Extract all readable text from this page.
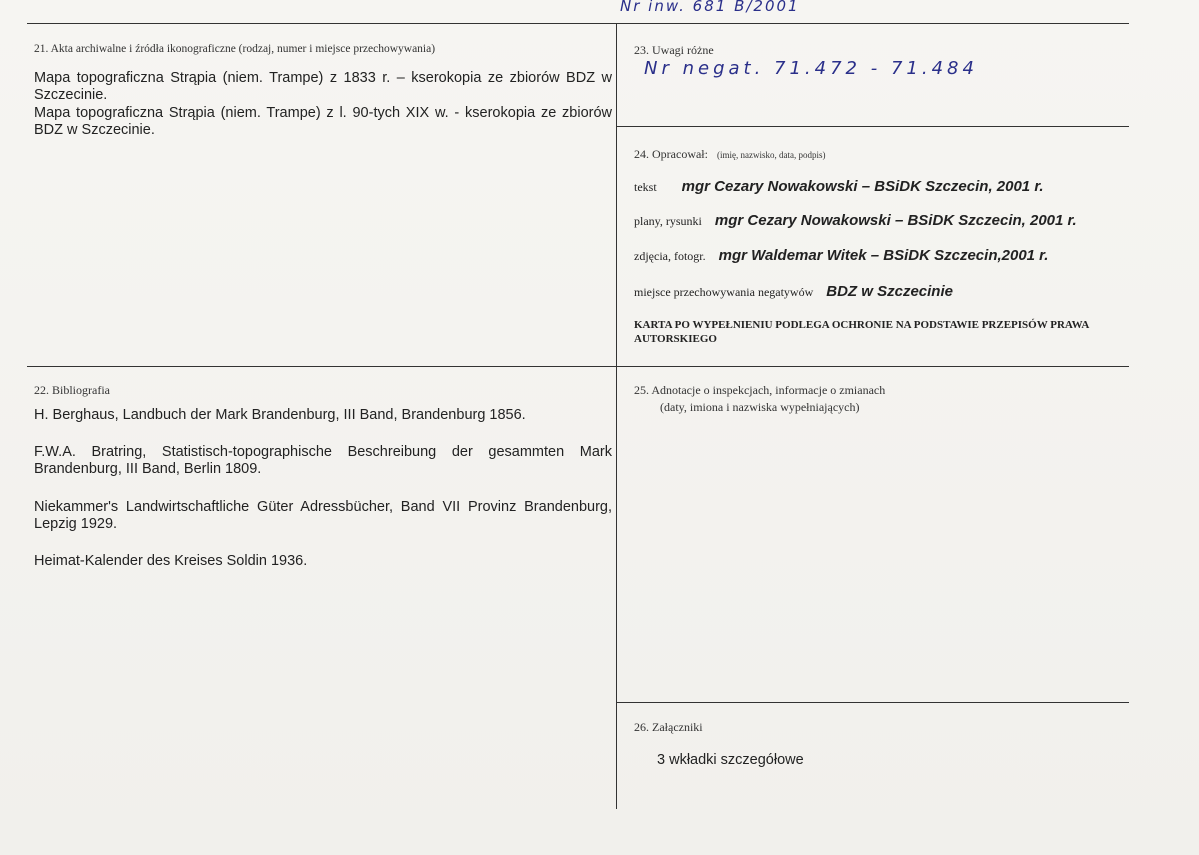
Nr inw. 681 B/2001
21. Akta archiwalne i źródła ikonograficzne (rodzaj, numer i miejsce przechowywania)
Mapa topograficzna Strąpia (niem. Trampe) z 1833 r. – kserokopia ze zbiorów BDZ w Szczecinie.
Mapa topograficzna Strąpia (niem. Trampe) z l. 90-tych XIX w. - kserokopia ze zbiorów BDZ w Szczecinie.
23. Uwagi różne
Nr negat. 71.472 - 71.484
24. Opracował: (imię, nazwisko, data, podpis)
tekst mgr Cezary Nowakowski – BSiDK Szczecin, 2001 r.
plany, rysunki mgr Cezary Nowakowski – BSiDK Szczecin, 2001 r.
zdjęcia, fotogr. mgr Waldemar Witek – BSiDK Szczecin,2001 r.
miejsce przechowywania negatywów BDZ w Szczecinie
KARTA PO WYPEŁNIENIU PODLEGA OCHRONIE NA PODSTAWIE PRZEPISÓW PRAWA AUTORSKIEGO
22. Bibliografia
H. Berghaus, Landbuch der Mark Brandenburg, III Band, Brandenburg 1856.
F.W.A. Bratring, Statistisch-topographische Beschreibung der gesammten Mark Brandenburg, III Band, Berlin 1809.
Niekammer's Landwirtschaftliche Güter Adressbücher, Band VII Provinz Brandenburg, Lepzig 1929.
Heimat-Kalender des Kreises Soldin 1936.
25. Adnotacje o inspekcjach, informacje o zmianach
(daty, imiona i nazwiska wypełniających)
26. Załączniki
3 wkładki szczegółowe
